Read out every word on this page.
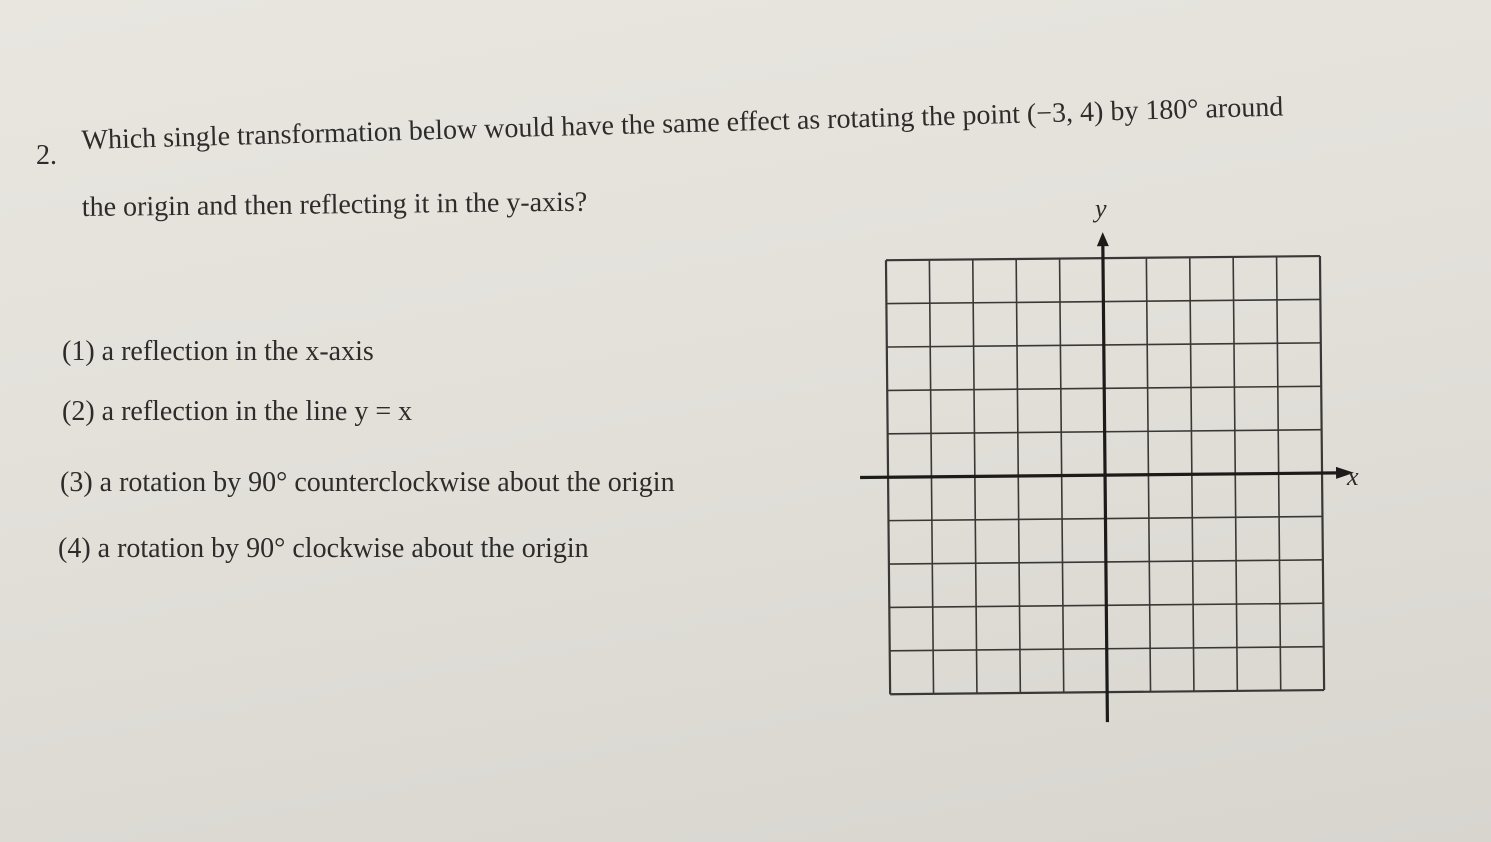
2. Which single transformation below would have the same effect as rotating the point (−3, 4) by 180° around
the origin and then reflecting it in the y-axis?
(1) a reflection in the x-axis
(2) a reflection in the line y = x
(3) a rotation by 90° counterclockwise about the origin
(4) a rotation by 90° clockwise about the origin
y
x
